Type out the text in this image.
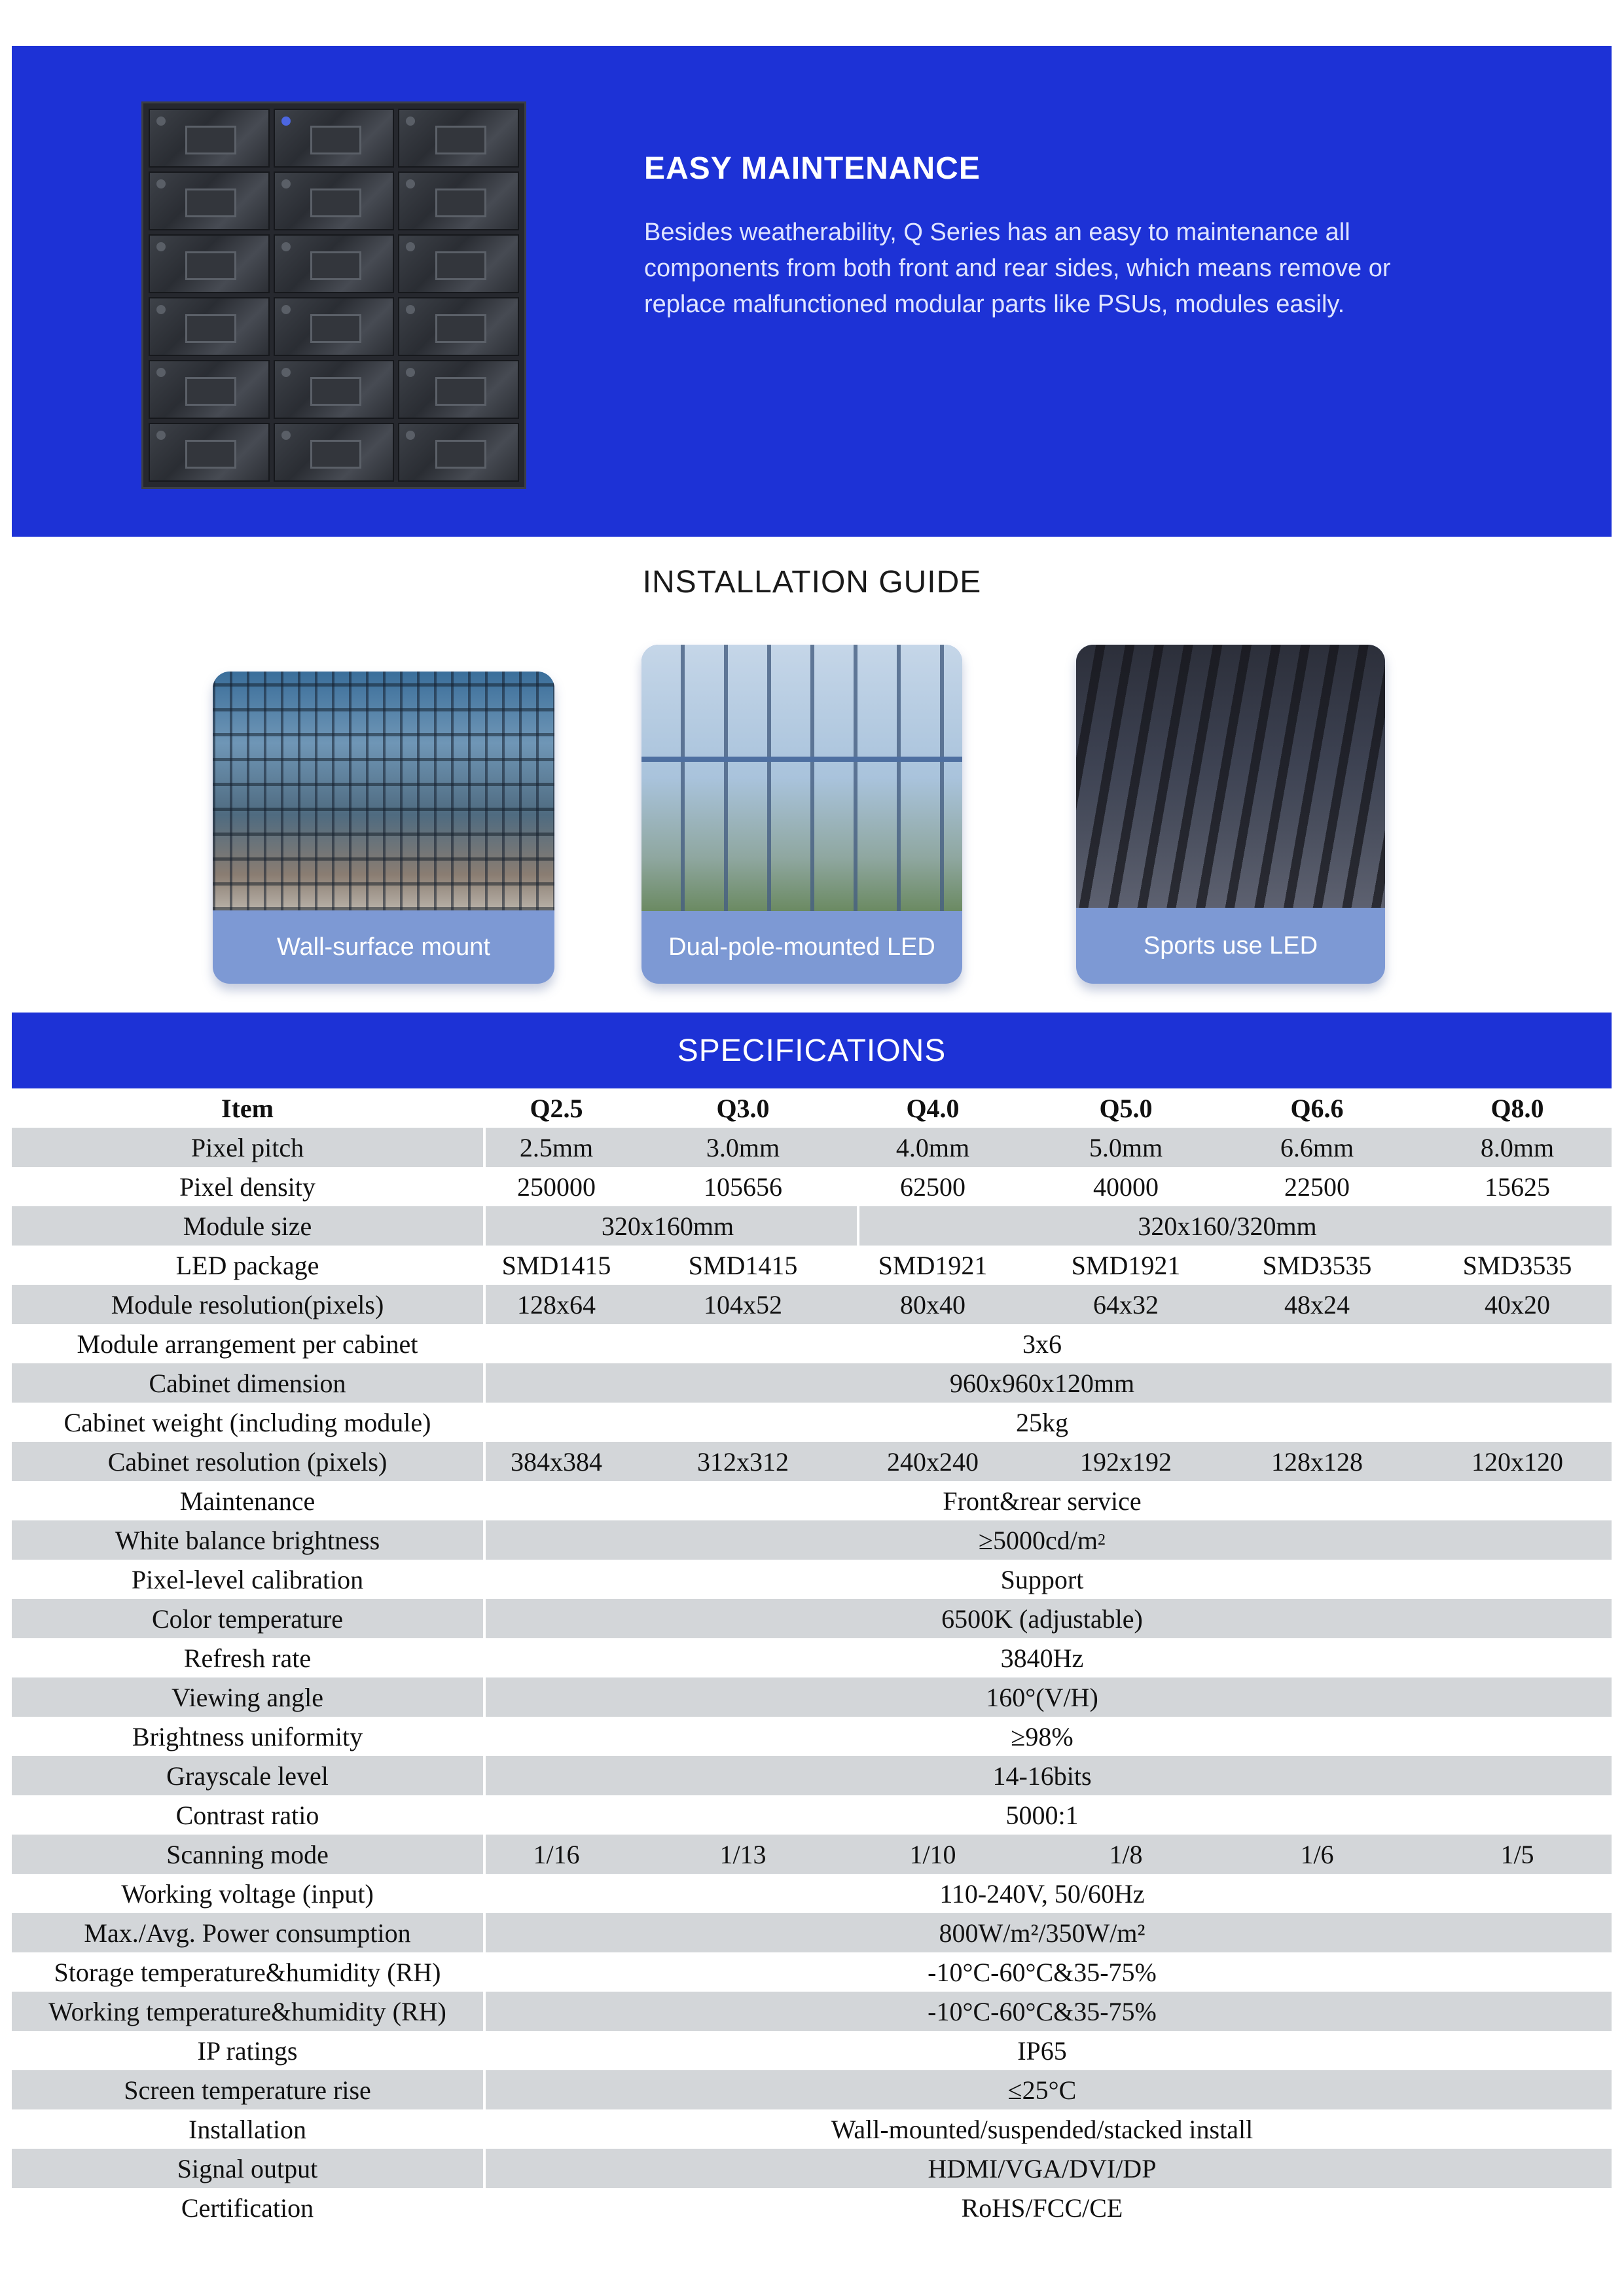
EASY MAINTENANCE

Besides weatherability, Q Series has an easy to maintenance all components from both front and rear sides, which means remove or replace malfunctioned modular parts like PSUs, modules easily.

INSTALLATION GUIDE
Wall-surface mount	Dual-pole-mounted LED	Sports use LED
SPECIFICATIONS
Item	Q2.5	Q3.0	Q4.0	Q5.0	Q6.6	Q8.0
Pixel pitch	2.5mm	3.0mm	4.0mm	5.0mm	6.6mm	8.0mm
Pixel density	250000	105656	62500	40000	22500	15625
Module size	320x160mm	320x160/320mm
LED package	SMD1415	SMD1415	SMD1921	SMD1921	SMD3535	SMD3535
Module resolution(pixels)	128x64	104x52	80x40	64x32	48x24	40x20
Module arrangement per cabinet	3x6
Cabinet dimension	960x960x120mm
Cabinet weight (including module)	25kg
Cabinet resolution (pixels)	384x384	312x312	240x240	192x192	128x128	120x120
Maintenance	Front&rear service
White balance brightness	≥5000cd/m 2
Pixel-level calibration	Support
Color temperature	6500K (adjustable)
Refresh rate	3840Hz
Viewing angle	160°(V/H)
Brightness uniformity	≥98%
Grayscale level	14-16bits
Contrast ratio	5000:1
Scanning mode	1/16	1/13	1/10	1/8	1/6	1/5
Working voltage (input)	110-240V, 50/60Hz
Max./Avg. Power consumption	800W/m²/350W/m²
Storage temperature&humidity (RH)	-10°C-60°C&35-75%
Working temperature&humidity (RH)	-10°C-60°C&35-75%
IP ratings	IP65
Screen temperature rise	≤25°C
Installation	Wall-mounted/suspended/stacked install
Signal output	HDMI/VGA/DVI/DP
Certification	RoHS/FCC/CE
